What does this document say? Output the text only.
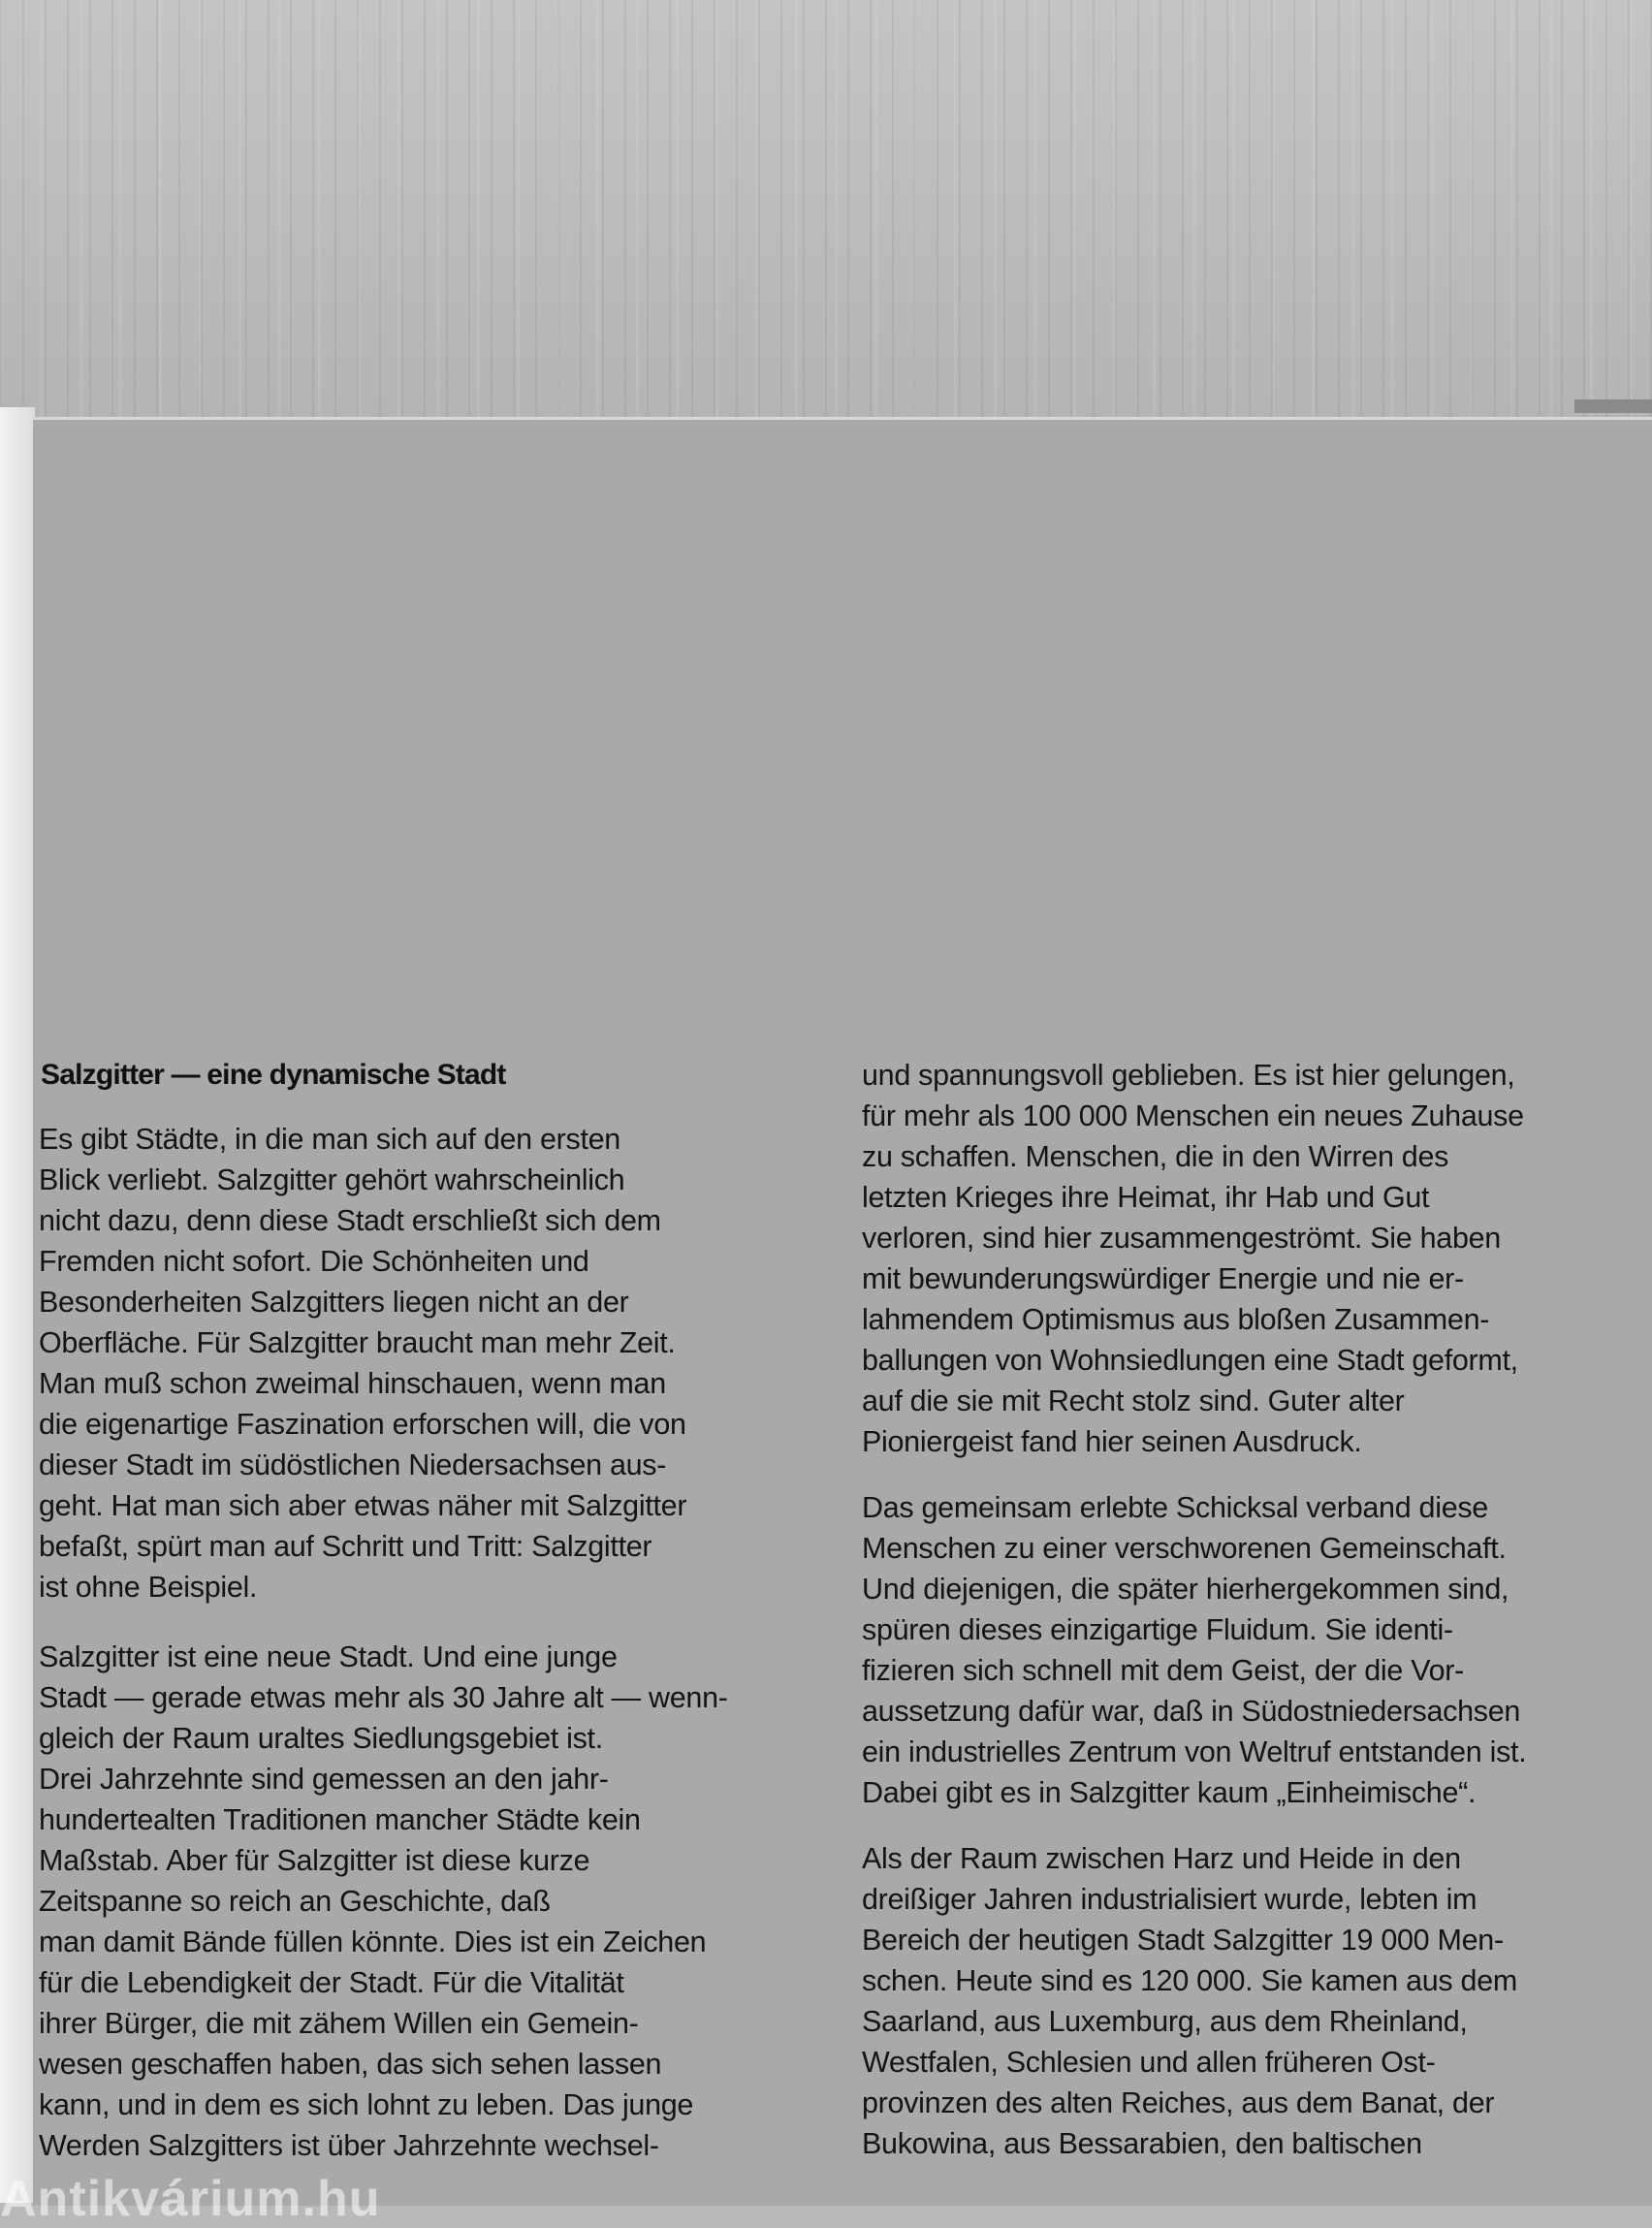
Salzgitter — eine dynamische Stadt
Es gibt Städte, in die man sich auf den ersten
Blick verliebt. Salzgitter gehört wahrscheinlich
nicht dazu, denn diese Stadt erschließt sich dem
Fremden nicht sofort. Die Schönheiten und
Besonderheiten Salzgitters liegen nicht an der
Oberfläche. Für Salzgitter braucht man mehr Zeit.
Man muß schon zweimal hinschauen, wenn man
die eigenartige Faszination erforschen will, die von
dieser Stadt im südöstlichen Niedersachsen aus-
geht. Hat man sich aber etwas näher mit Salzgitter
befaßt, spürt man auf Schritt und Tritt: Salzgitter
ist ohne Beispiel.
Salzgitter ist eine neue Stadt. Und eine junge
Stadt — gerade etwas mehr als 30 Jahre alt — wenn-
gleich der Raum uraltes Siedlungsgebiet ist.
Drei Jahrzehnte sind gemessen an den jahr-
hundertealten Traditionen mancher Städte kein
Maßstab. Aber für Salzgitter ist diese kurze
Zeitspanne so reich an Geschichte, daß
man damit Bände füllen könnte. Dies ist ein Zeichen
für die Lebendigkeit der Stadt. Für die Vitalität
ihrer Bürger, die mit zähem Willen ein Gemein-
wesen geschaffen haben, das sich sehen lassen
kann, und in dem es sich lohnt zu leben. Das junge
Werden Salzgitters ist über Jahrzehnte wechsel-
und spannungsvoll geblieben. Es ist hier gelungen,
für mehr als 100 000 Menschen ein neues Zuhause
zu schaffen. Menschen, die in den Wirren des
letzten Krieges ihre Heimat, ihr Hab und Gut
verloren, sind hier zusammengeströmt. Sie haben
mit bewunderungswürdiger Energie und nie er-
lahmendem Optimismus aus bloßen Zusammen-
ballungen von Wohnsiedlungen eine Stadt geformt,
auf die sie mit Recht stolz sind. Guter alter
Pioniergeist fand hier seinen Ausdruck.
Das gemeinsam erlebte Schicksal verband diese
Menschen zu einer verschworenen Gemeinschaft.
Und diejenigen, die später hierhergekommen sind,
spüren dieses einzigartige Fluidum. Sie identi-
fizieren sich schnell mit dem Geist, der die Vor-
aussetzung dafür war, daß in Südostniedersachsen
ein industrielles Zentrum von Weltruf entstanden ist.
Dabei gibt es in Salzgitter kaum „Einheimische“.
Als der Raum zwischen Harz und Heide in den
dreißiger Jahren industrialisiert wurde, lebten im
Bereich der heutigen Stadt Salzgitter 19 000 Men-
schen. Heute sind es 120 000. Sie kamen aus dem
Saarland, aus Luxemburg, aus dem Rheinland,
Westfalen, Schlesien und allen früheren Ost-
provinzen des alten Reiches, aus dem Banat, der
Bukowina, aus Bessarabien, den baltischen
Antikvárium.hu
